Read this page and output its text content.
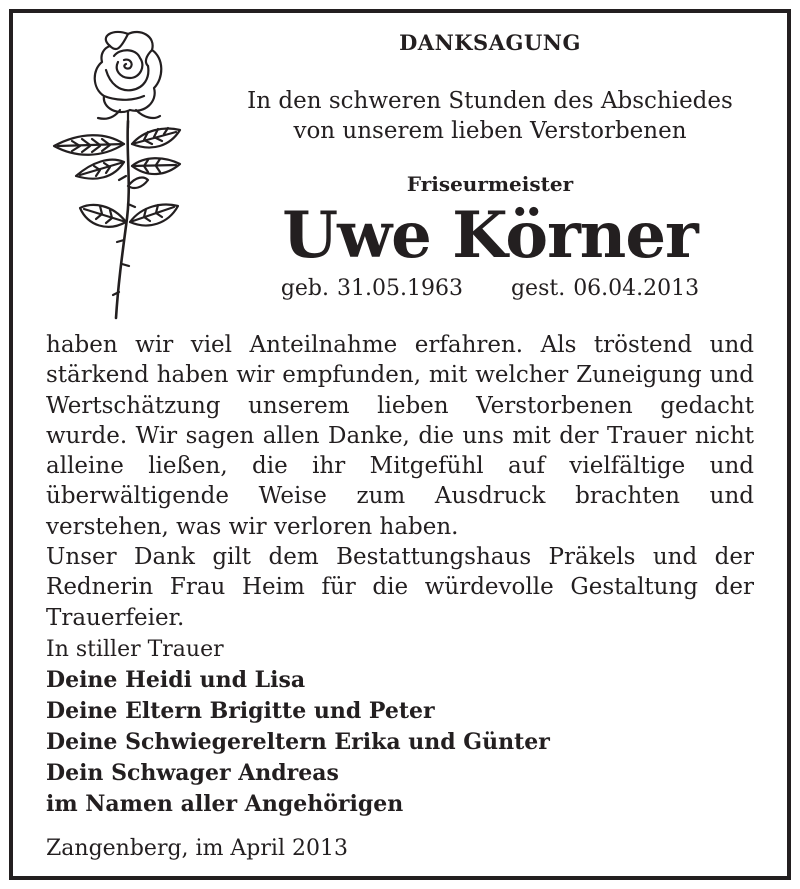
DANKSAGUNG
In den schweren Stunden des Abschiedes
von unserem lieben Verstorbenen
Friseurmeister
Uwe Körner
geb. 31.05.1963 gest. 06.04.2013

haben wir viel Anteilnahme erfahren. Als tröstend und stärkend haben wir empfunden, mit welcher Zuneigung und Wertschätzung unserem lieben Verstorbenen gedacht wurde. Wir sagen allen Danke, die uns mit der Trauer nicht alleine ließen, die ihr Mitgefühl auf vielfältige und überwältigende Weise zum Ausdruck brachten und verstehen, was wir verloren haben.

Unser Dank gilt dem Bestattungshaus Präkels und der Rednerin Frau Heim für die würdevolle Gestaltung der Trauerfeier.

In stiller Trauer
Deine Heidi und Lisa
Deine Eltern Brigitte und Peter
Deine Schwiegereltern Erika und Günter
Dein Schwager Andreas
im Namen aller Angehörigen
Zangenberg, im April 2013
